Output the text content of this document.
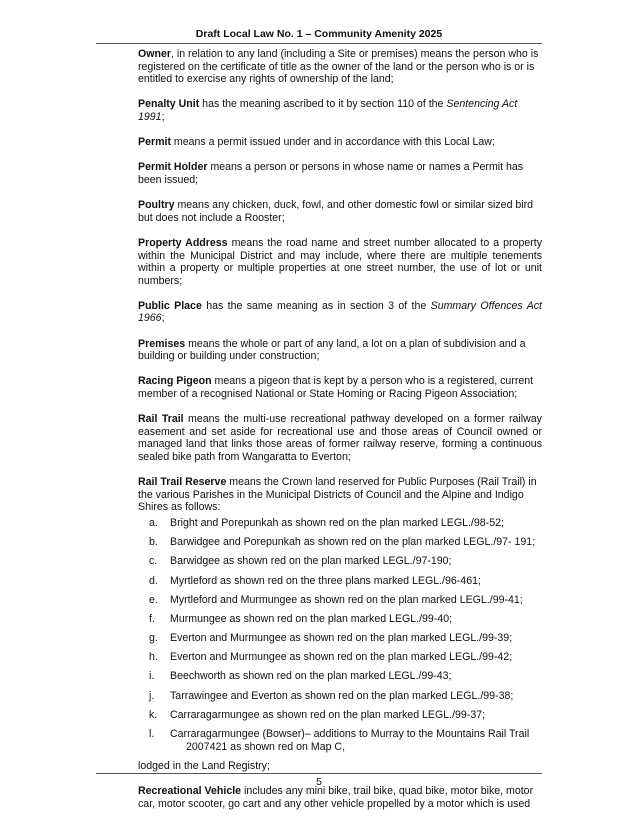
Draft Local Law No. 1 – Community Amenity 2025

Owner, in relation to any land (including a Site or premises) means the person who is registered on the certificate of title as the owner of the land or the person who is or is entitled to exercise any rights of ownership of the land;

Penalty Unit has the meaning ascribed to it by section 110 of the Sentencing Act 1991;

Permit means a permit issued under and in accordance with this Local Law;

Permit Holder means a person or persons in whose name or names a Permit has been issued;

Poultry means any chicken, duck, fowl, and other domestic fowl or similar sized bird but does not include a Rooster;

Property Address means the road name and street number allocated to a property within the Municipal District and may include, where there are multiple tenements within a property or multiple properties at one street number, the use of lot or unit numbers;

Public Place has the same meaning as in section 3 of the Summary Offences Act 1966;

Premises means the whole or part of any land, a lot on a plan of subdivision and a building or building under construction;

Racing Pigeon means a pigeon that is kept by a person who is a registered, current member of a recognised National or State Homing or Racing Pigeon Association;

Rail Trail means the multi-use recreational pathway developed on a former railway easement and set aside for recreational use and those areas of Council owned or managed land that links those areas of former railway reserve, forming a continuous sealed bike path from Wangaratta to Everton;

Rail Trail Reserve means the Crown land reserved for Public Purposes (Rail Trail) in the various Parishes in the Municipal Districts of Council and the Alpine and Indigo Shires as follows:

a. Bright and Porepunkah as shown red on the plan marked LEGL./98-52;
b. Barwidgee and Porepunkah as shown red on the plan marked LEGL./97- 191;
c. Barwidgee as shown red on the plan marked LEGL./97-190;
d. Myrtleford as shown red on the three plans marked LEGL./96-461;
e. Myrtleford and Murmungee as shown red on the plan marked LEGL./99-41;
f. Murmungee as shown red on the plan marked LEGL./99-40;
g. Everton and Murmungee as shown red on the plan marked LEGL./99-39;
h. Everton and Murmungee as shown red on the plan marked LEGL./99-42;
i. Beechworth as shown red on the plan marked LEGL./99-43;
j. Tarrawingee and Everton as shown red on the plan marked LEGL./99-38;
k. Carraragarmungee as shown red on the plan marked LEGL./99-37;
l. Carraragarmungee (Bowser)– additions to Murray to the Mountains Rail Trail
2007421 as shown red on Map C,

lodged in the Land Registry;

Recreational Vehicle includes any mini bike, trail bike, quad bike, motor bike, motor car, motor scooter, go cart and any other vehicle propelled by a motor which is used

5
